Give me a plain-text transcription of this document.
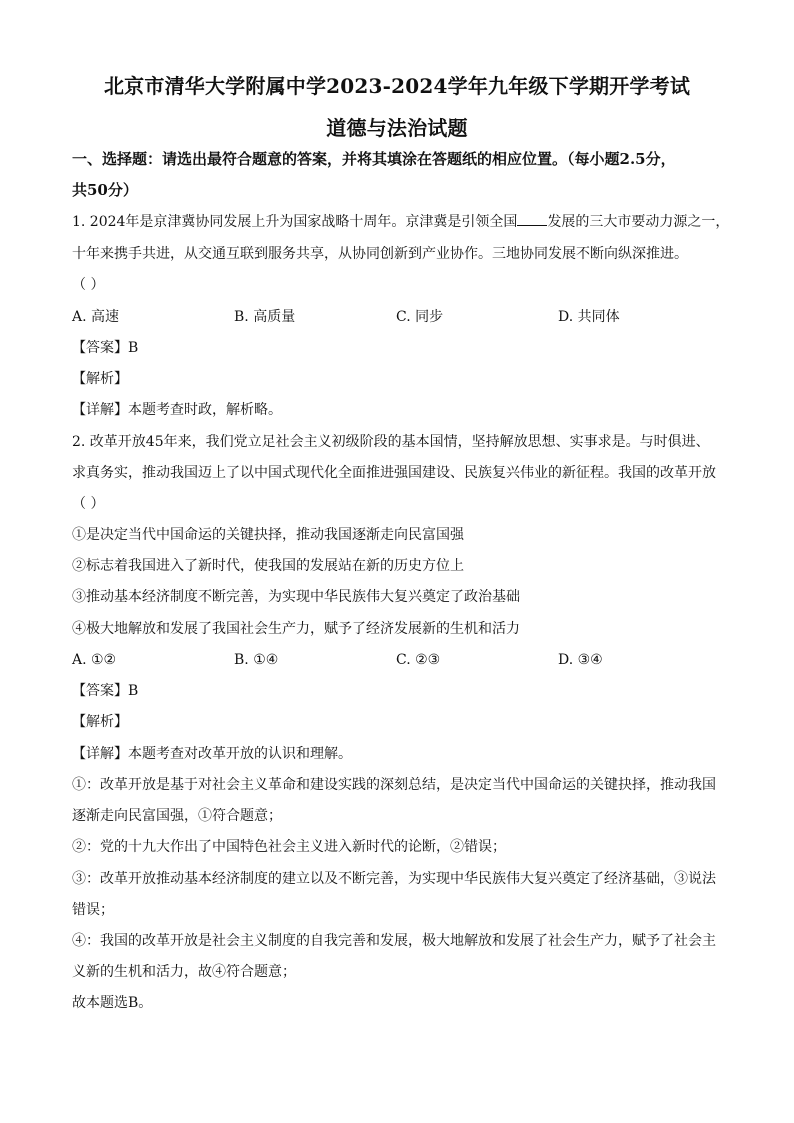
北京市清华大学附属中学2023-2024学年九年级下学期开学考试
道德与法治试题
一、选择题：请选出最符合题意的答案，并将其填涂在答题纸的相应位置。（每小题2.5分，
共50分）
1. 2024年是京津冀协同发展上升为国家战略十周年。京津冀是引领全国 发展的三大市要动力源之一，
十年来携手共进，从交通互联到服务共享，从协同创新到产业协作。三地协同发展不断向纵深推进。
（ ）
A. 高速	B. 高质量	C. 同步	D. 共同体
【答案】B
【解析】
【详解】本题考查时政，解析略。
2. 改革开放45年来，我们党立足社会主义初级阶段的基本国情，坚持解放思想、实事求是。与时俱进、
求真务实，推动我国迈上了以中国式现代化全面推进强国建设、民族复兴伟业的新征程。我国的改革开放
（ ）
①是决定当代中国命运的关键抉择，推动我国逐渐走向民富国强
②标志着我国进入了新时代，使我国的发展站在新的历史方位上
③推动基本经济制度不断完善，为实现中华民族伟大复兴奠定了政治基础
④极大地解放和发展了我国社会生产力，赋予了经济发展新的生机和活力
A. ①②	B. ①④	C. ②③	D. ③④
【答案】B
【解析】
【详解】本题考查对改革开放的认识和理解。
①：改革开放是基于对社会主义革命和建设实践的深刻总结，是决定当代中国命运的关键抉择，推动我国
逐渐走向民富国强，①符合题意；
②：党的十九大作出了中国特色社会主义进入新时代的论断，②错误；
③：改革开放推动基本经济制度的建立以及不断完善，为实现中华民族伟大复兴奠定了经济基础，③说法
错误；
④：我国的改革开放是社会主义制度的自我完善和发展，极大地解放和发展了社会生产力，赋予了社会主
义新的生机和活力，故④符合题意；
故本题选B。
